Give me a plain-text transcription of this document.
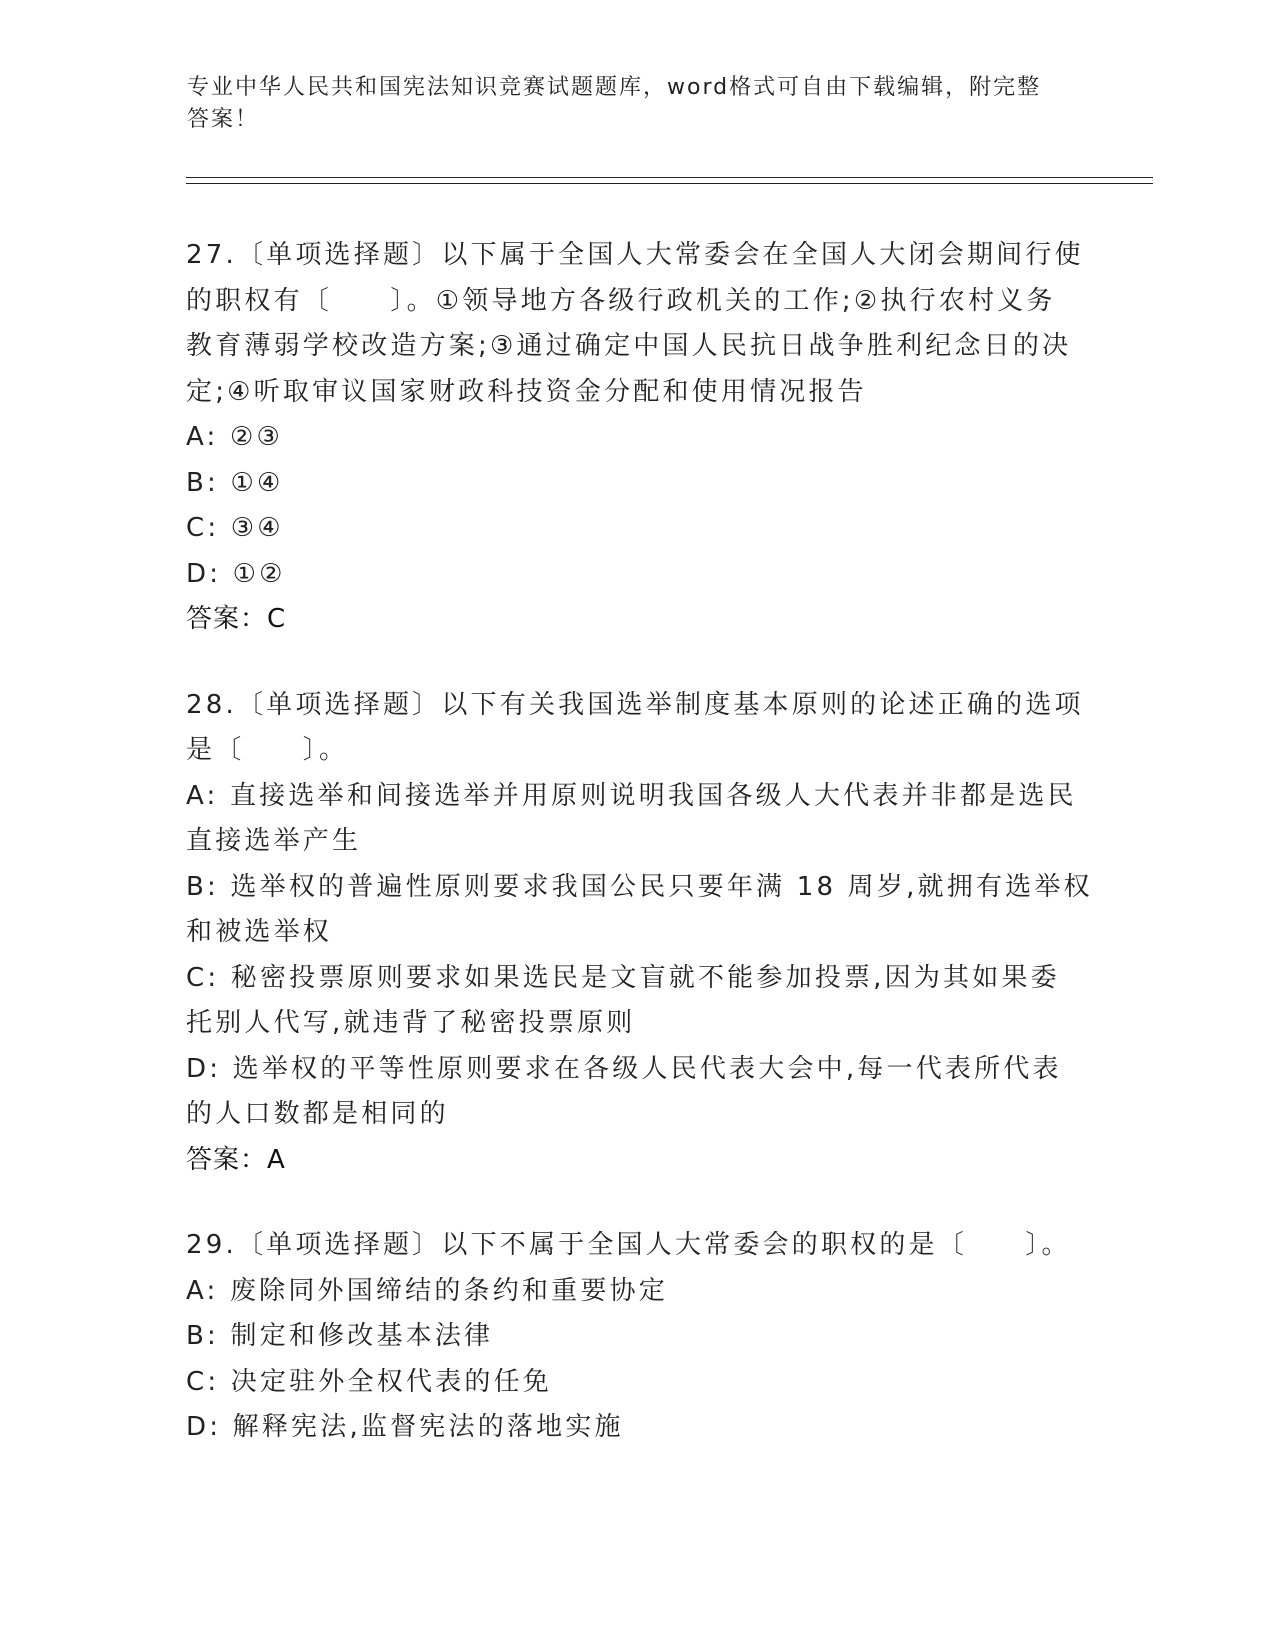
专业中华人民共和国宪法知识竞赛试题题库，word格式可自由下载编辑，附完整
答案！
27.〔单项选择题〕以下属于全国人大常委会在全国人大闭会期间行使
的职权有〔　　〕。①领导地方各级行政机关的工作;②执行农村义务
教育薄弱学校改造方案;③通过确定中国人民抗日战争胜利纪念日的决
定;④听取审议国家财政科技资金分配和使用情况报告
A: ②③
B: ①④
C: ③④
D: ①②
答案：C
28.〔单项选择题〕以下有关我国选举制度基本原则的论述正确的选项
是〔　　〕。
A: 直接选举和间接选举并用原则说明我国各级人大代表并非都是选民
直接选举产生
B: 选举权的普遍性原则要求我国公民只要年满 18 周岁,就拥有选举权
和被选举权
C: 秘密投票原则要求如果选民是文盲就不能参加投票,因为其如果委
托别人代写,就违背了秘密投票原则
D: 选举权的平等性原则要求在各级人民代表大会中,每一代表所代表
的人口数都是相同的
答案：A
29.〔单项选择题〕以下不属于全国人大常委会的职权的是〔　　〕。
A: 废除同外国缔结的条约和重要协定
B: 制定和修改基本法律
C: 决定驻外全权代表的任免
D: 解释宪法,监督宪法的落地实施
